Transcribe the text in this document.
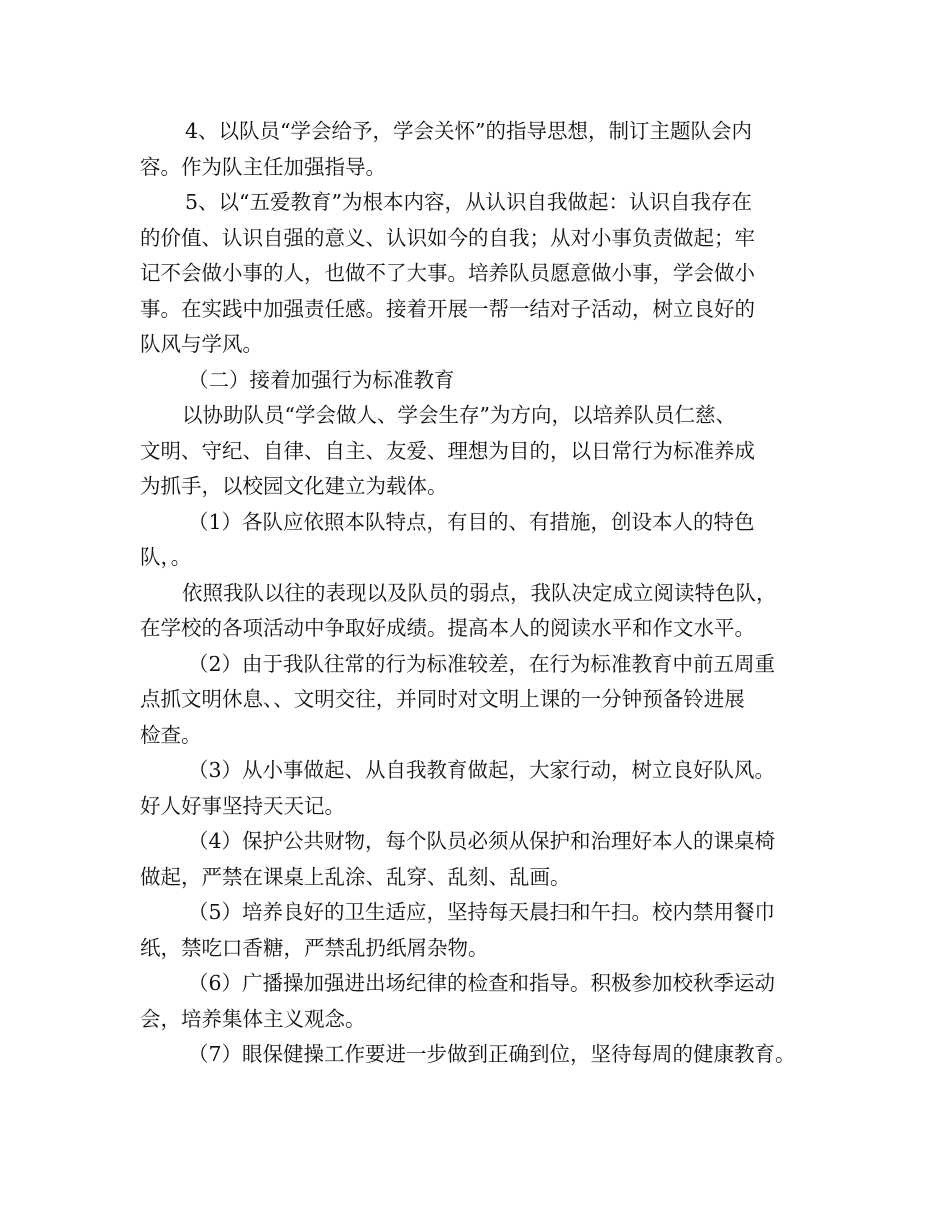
4、以队员“学会给予，学会关怀”的指导思想，制订主题队会内
容。作为队主任加强指导。
5、以“五爱教育”为根本内容，从认识自我做起：认识自我存在
的价值、认识自强的意义、认识如今的自我；从对小事负责做起；牢
记不会做小事的人，也做不了大事。培养队员愿意做小事，学会做小
事。在实践中加强责任感。接着开展一帮一结对子活动，树立良好的
队风与学风。
（二）接着加强行为标准教育
以协助队员“学会做人、学会生存”为方向，以培养队员仁慈、
文明、守纪、自律、自主、友爱、理想为目的，以日常行为标准养成
为抓手，以校园文化建立为载体。
（1）各队应依照本队特点，有目的、有措施，创设本人的特色
队，。
依照我队以往的表现以及队员的弱点，我队决定成立阅读特色队，
在学校的各项活动中争取好成绩。提高本人的阅读水平和作文水平。
（2）由于我队往常的行为标准较差，在行为标准教育中前五周重
点抓文明休息、、文明交往，并同时对文明上课的一分钟预备铃进展
检查。
（3）从小事做起、从自我教育做起，大家行动，树立良好队风。
好人好事坚持天天记。
（4）保护公共财物，每个队员必须从保护和治理好本人的课桌椅
做起，严禁在课桌上乱涂、乱穿、乱刻、乱画。
（5）培养良好的卫生适应，坚持每天晨扫和午扫。校内禁用餐巾
纸，禁吃口香糖，严禁乱扔纸屑杂物。
（6）广播操加强进出场纪律的检查和指导。积极参加校秋季运动
会，培养集体主义观念。
（7）眼保健操工作要进一步做到正确到位，坚待每周的健康教育。
